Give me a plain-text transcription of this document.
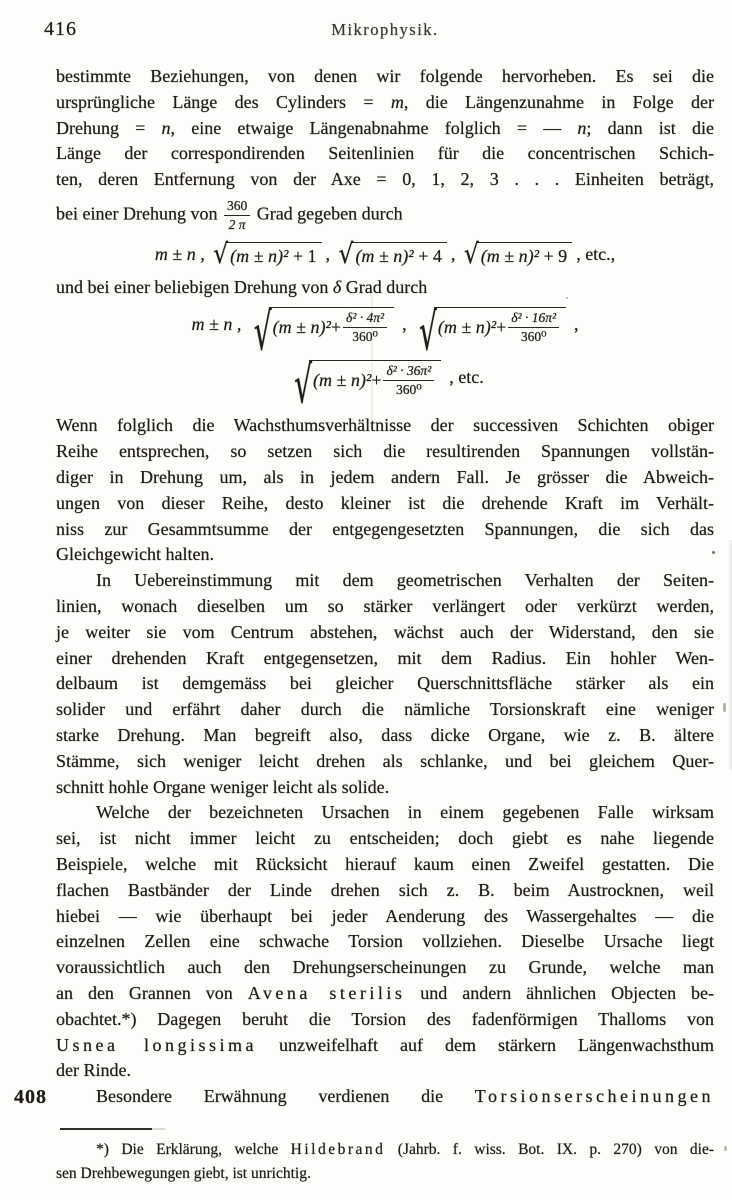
416	Mikrophysik.
bestimmte Beziehungen, von denen wir folgende hervorheben. Es sei die
ursprüngliche Länge des Cylinders = m, die Längenzunahme in Folge der
Drehung = n, eine etwaige Längenabnahme folglich = — n; dann ist die
Länge der correspondirenden Seitenlinien für die concentrischen Schich-
ten, deren Entfernung von der Axe = 0, 1, 2, 3 . . . Einheiten beträgt,
bei einer Drehung von $\frac{360}{2 \pi}$ Grad gegeben durch
m ± n , √ (m ± n)² + 1 , √ (m ± n)² + 4 , √ (m ± n)² + 9 , etc.,
und bei einer beliebigen Drehung von δ Grad durch
m ± n , √ $(m \pm n)^2 + \frac{\text{δ² · 4π²}}{\text{360⁰}}$ , √ $(m \pm n)^2 + \frac{\text{δ² · 16π²}}{\text{360⁰}}$ ,
√ $(m \pm n)^2 + \frac{\text{δ² · 36π²}}{\text{360⁰}}$ , etc.
Wenn folglich die Wachsthumsverhältnisse der successiven Schichten obiger
Reihe entsprechen, so setzen sich die resultirenden Spannungen vollstän-
diger in Drehung um, als in jedem andern Fall. Je grösser die Abweich-
ungen von dieser Reihe, desto kleiner ist die drehende Kraft im Verhält-
niss zur Gesammtsumme der entgegengesetzten Spannungen, die sich das
Gleichgewicht halten.
In Uebereinstimmung mit dem geometrischen Verhalten der Seiten-
linien, wonach dieselben um so stärker verlängert oder verkürzt werden,
je weiter sie vom Centrum abstehen, wächst auch der Widerstand, den sie
einer drehenden Kraft entgegensetzen, mit dem Radius. Ein hohler Wen-
delbaum ist demgemäss bei gleicher Querschnittsfläche stärker als ein
solider und erfährt daher durch die nämliche Torsionskraft eine weniger
starke Drehung. Man begreift also, dass dicke Organe, wie z. B. ältere
Stämme, sich weniger leicht drehen als schlanke, und bei gleichem Quer-
schnitt hohle Organe weniger leicht als solide.
Welche der bezeichneten Ursachen in einem gegebenen Falle wirksam
sei, ist nicht immer leicht zu entscheiden; doch giebt es nahe liegende
Beispiele, welche mit Rücksicht hierauf kaum einen Zweifel gestatten. Die
flachen Bastbänder der Linde drehen sich z. B. beim Austrocknen, weil
hiebei — wie überhaupt bei jeder Aenderung des Wassergehaltes — die
einzelnen Zellen eine schwache Torsion vollziehen. Dieselbe Ursache liegt
voraussichtlich auch den Drehungserscheinungen zu Grunde, welche man
an den Grannen von Avena sterilis und andern ähnlichen Objecten be-
obachtet.*) Dagegen beruht die Torsion des fadenförmigen Thalloms von
Usnea longissima unzweifelhaft auf dem stärkern Längenwachsthum
der Rinde.
Besondere Erwähnung verdienen die Torsionserscheinungen
408
*) Die Erklärung, welche Hildebrand (Jahrb. f. wiss. Bot. IX. p. 270) von die-
sen Drehbewegungen giebt, ist unrichtig.
